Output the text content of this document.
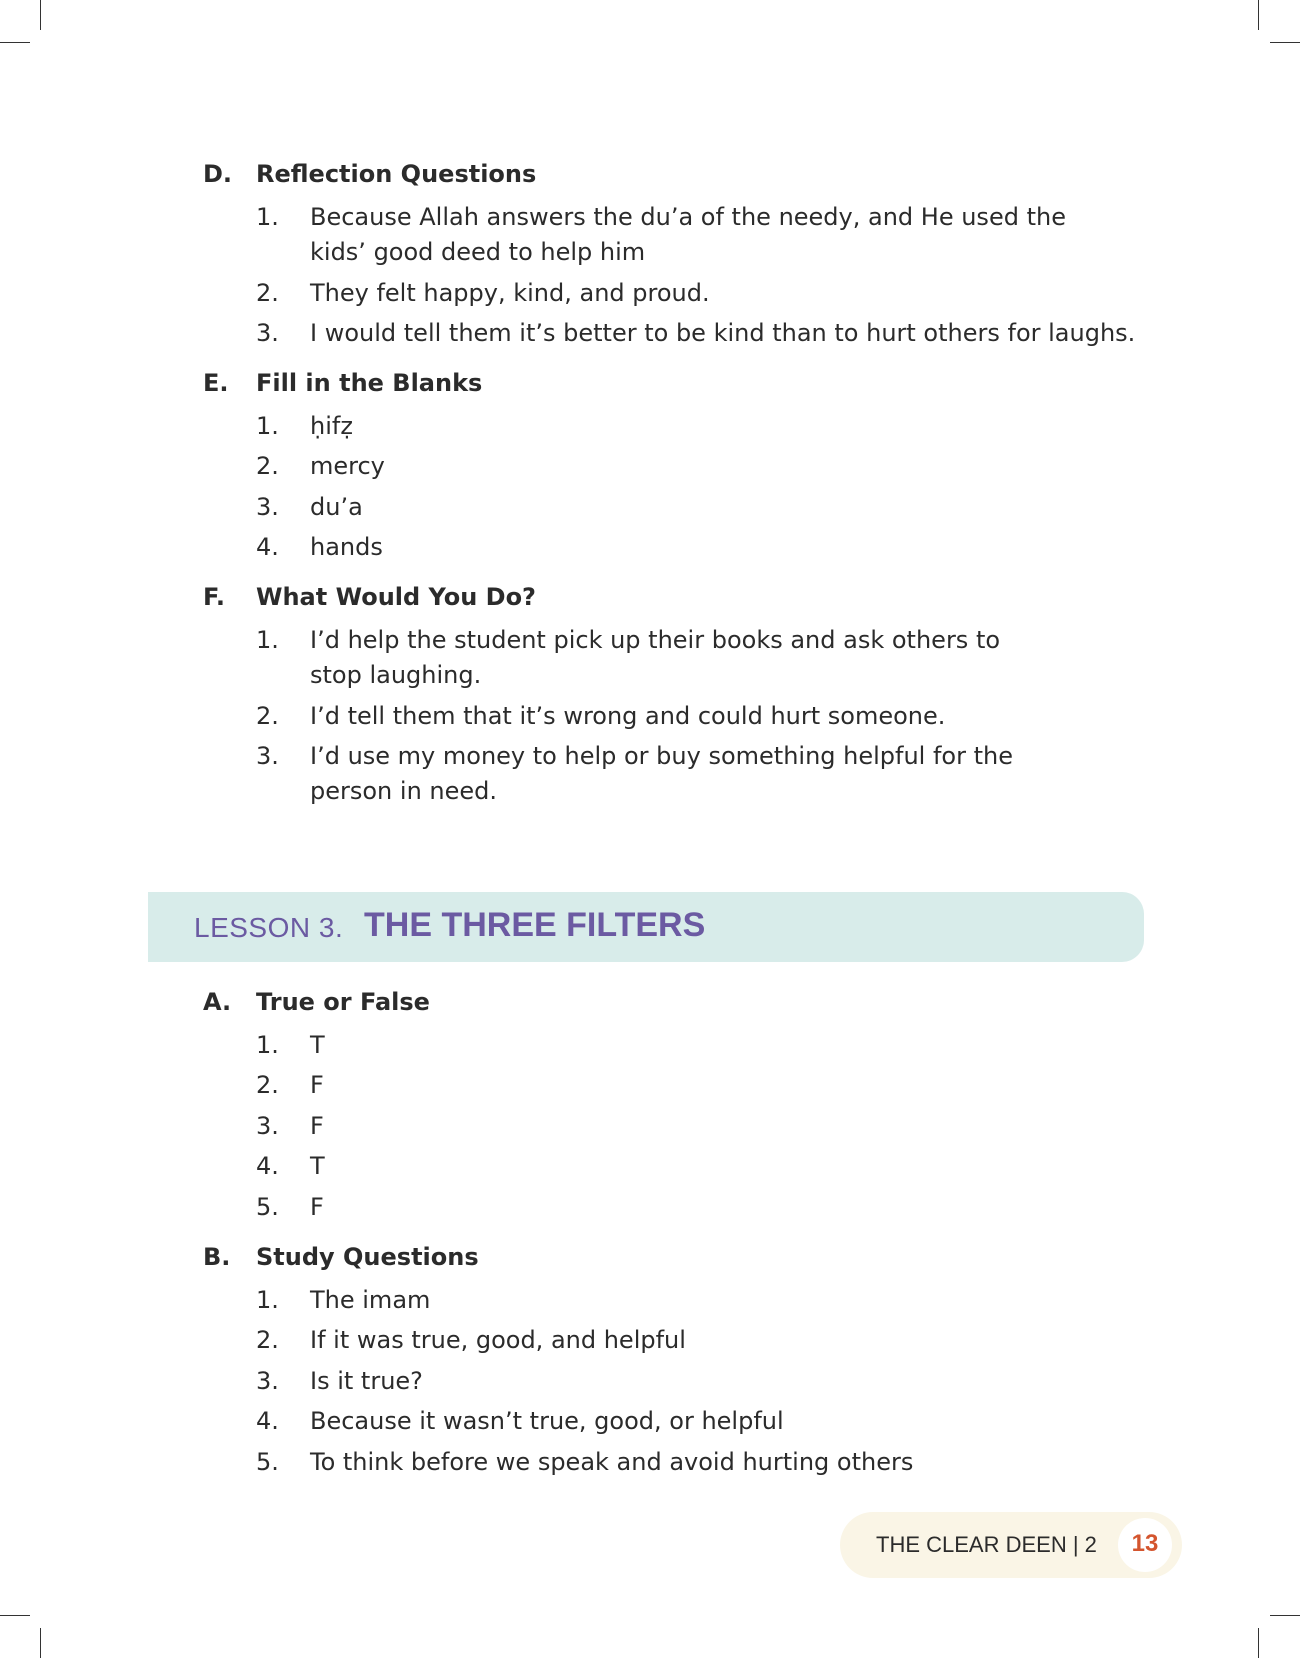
D. Reflection Questions
1. Because Allah answers the du’a of the needy, and He used the kids’ good deed to help him
2. They felt happy, kind, and proud.
3. I would tell them it’s better to be kind than to hurt others for laughs.
E. Fill in the Blanks
1. ḥifẓ
2. mercy
3. du’a
4. hands
F. What Would You Do?
1. I’d help the student pick up their books and ask others to stop laughing.
2. I’d tell them that it’s wrong and could hurt someone.
3. I’d use my money to help or buy something helpful for the person in need.
LESSON 3. THE THREE FILTERS
A. True or False
1. T
2. F
3. F
4. T
5. F
B. Study Questions
1. The imam
2. If it was true, good, and helpful
3. Is it true?
4. Because it wasn’t true, good, or helpful
5. To think before we speak and avoid hurting others
THE CLEAR DEEN | 2	13
